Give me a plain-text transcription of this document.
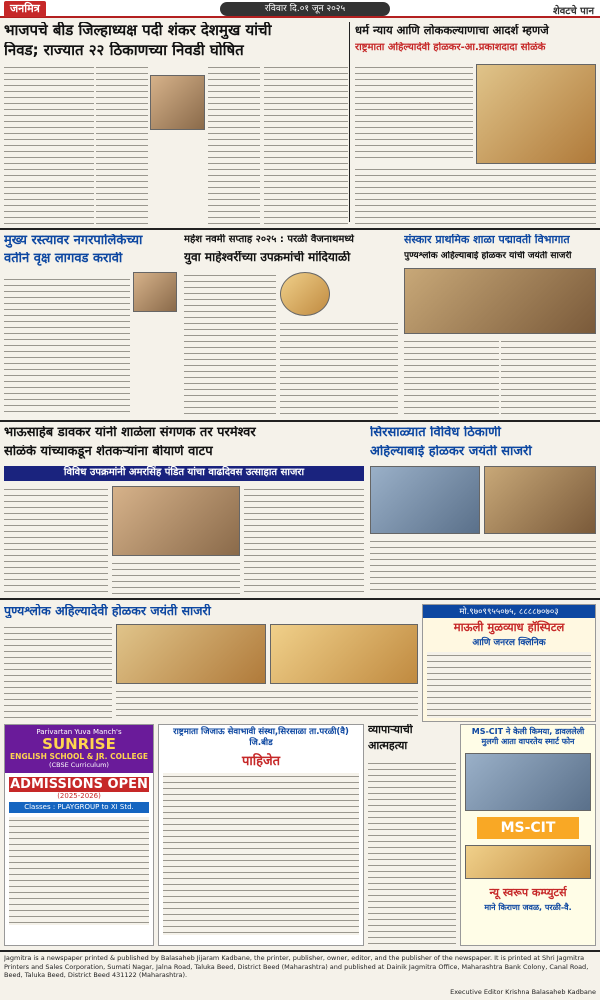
जनमित्र	रविवार दि.०१ जून २०२५	शेवटचे पान
भाजपचे बीड जिल्हाध्यक्ष पदी शंकर देशमुख यांची
निवड; राज्यात २२ ठिकाणच्या निवडी घोषित
धर्म न्याय आणि लोककल्याणाचा आदर्श म्हणजे
राष्ट्रमाता अहिल्यादेवी होळकर-आ.प्रकाशदादा सोळंके
मुख्य रस्त्यावर नगरपालिकेच्या
वतीने वृक्ष लागवड करावी
महेश नवमी सप्ताह २०२५ : परळी वैजनाथमध्ये
युवा माहेश्वरींच्या उपक्रमांची मांदियाळी
संस्कार प्राथमिक शाळा पद्मावती विभागात
पुण्यश्लोक अहिल्याबाई होळकर यांची जयंती साजरी
भाऊसाहेब डावकर यांनी शाळेला संगणक तर परमेश्वर
सोळंके यांच्याकडून शेतकऱ्यांना बीयाणे वाटप
विविध उपक्रमांनी अमरसिंह पंडित यांचा वाढदिवस उत्साहात साजरा
सिरसाळ्यात विविध ठिकाणी
अहिल्याबाई होळकर जयंती साजरी
पुण्यश्लोक अहिल्यादेवी होळकर जयंती साजरी	मो.९७०९९५५०७५, ८८८८७०७०३
माऊली मुळव्याध हॉस्पिटल
आणि जनरल क्लिनिक
Parivartan Yuva Manch's
SUNRISE
ENGLISH SCHOOL & JR. COLLEGE
(CBSE Curriculum)
ADMISSIONS OPEN
(2025-2026)
Classes : PLAYGROUP to XI Std.
राष्ट्रमाता जिजाऊ सेवाभावी संस्था,सिरसाळा ता.परळी(वै) जि.बीड
पाहिजेत
व्यापाऱ्याची
आत्महत्या
MS-CIT ने केली किमया, डावललेली मुलगी आता वापरतेय स्मार्ट फोन
MS-CIT
न्यू स्वरूप कम्प्युटर्स
माने किराणा जवळ, परळी-वै.
Jagmitra is a newspaper printed & published by Balasaheb Jijaram Kadbane, the printer, publisher, owner, editor, and the publisher of the newspaper. It is printed at Shri Jagmitra Printers and Sales Corporation, Sumati Nagar, Jalna Road, Taluka Beed, District Beed (Maharashtra) and published at Dainik Jagmitra Office, Maharashtra Bank Colony, Canal Road, Beed, Taluka Beed, District Beed 431122 (Maharashtra).
Executive Editor Krishna Balasaheb Kadbane
